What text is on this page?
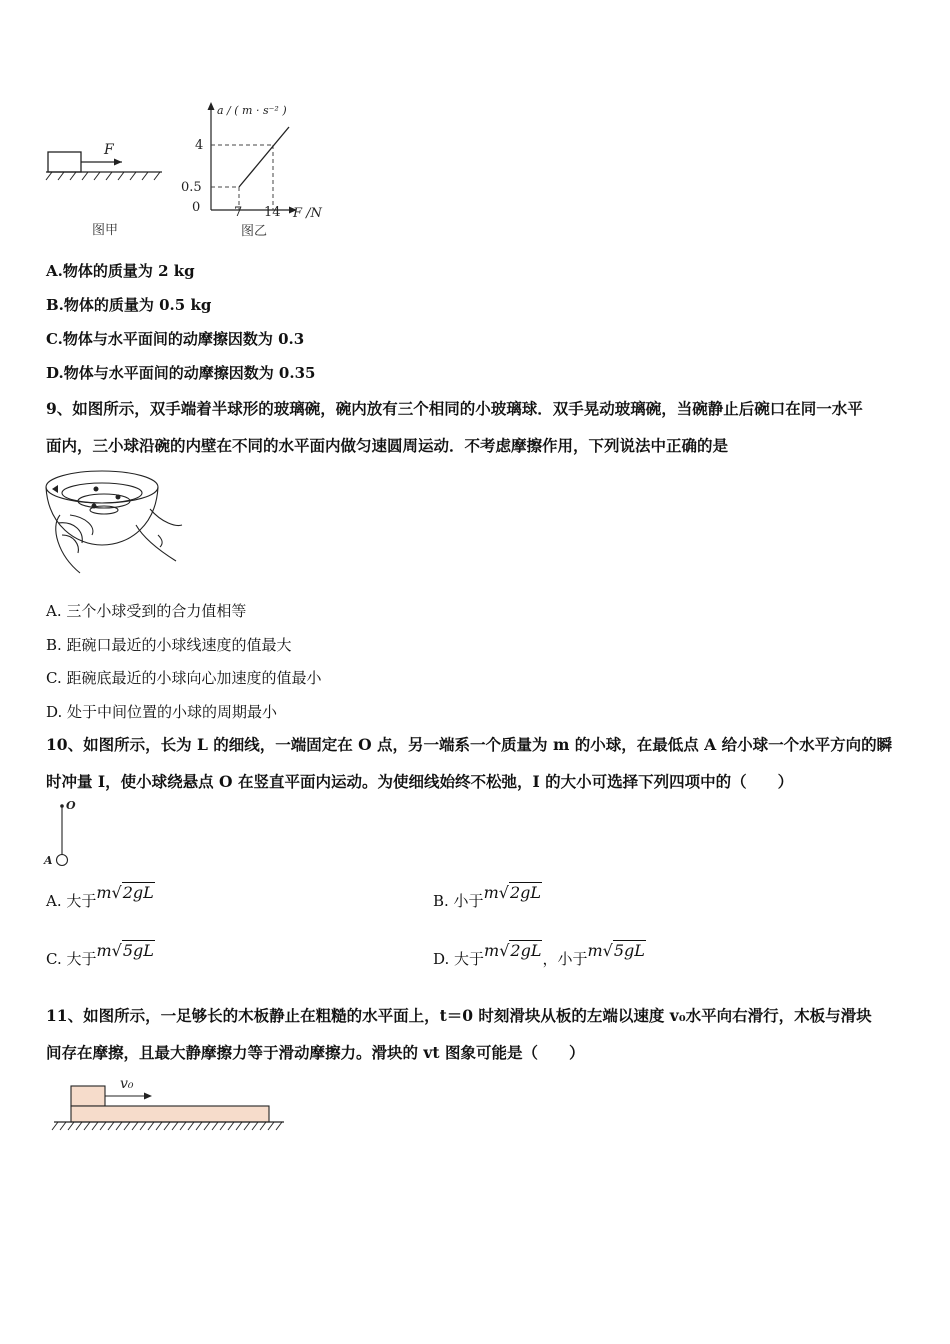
F
图甲
a / ( m · s⁻² )
F /N
0
4
0.5
7 14
图乙
A.物体的质量为 2 kg
B.物体的质量为 0.5 kg
C.物体与水平面间的动摩擦因数为 0.3
D.物体与水平面间的动摩擦因数为 0.35
9、如图所示，双手端着半球形的玻璃碗，碗内放有三个相同的小玻璃球．双手晃动玻璃碗，当碗静止后碗口在同一水平
面内，三小球沿碗的内壁在不同的水平面内做匀速圆周运动．不考虑摩擦作用，下列说法中正确的是
A. 三个小球受到的合力值相等
B. 距碗口最近的小球线速度的值最大
C. 距碗底最近的小球向心加速度的值最小
D. 处于中间位置的小球的周期最小
10、如图所示，长为 L 的细线，一端固定在 O 点，另一端系一个质量为 m 的小球，在最低点 A 给小球一个水平方向的瞬
时冲量 I，使小球绕悬点 O 在竖直平面内运动。为使细线始终不松弛，I 的大小可选择下列四项中的（　　）
O
A
A. 大于m√2gL	B. 小于m√2gL
C. 大于m√5gL	D. 大于m√2gL，小于m√5gL
11、如图所示，一足够长的木板静止在粗糙的水平面上，t＝0 时刻滑块从板的左端以速度 v₀水平向右滑行，木板与滑块
间存在摩擦，且最大静摩擦力等于滑动摩擦力。滑块的 vt 图象可能是（　　）
v₀
